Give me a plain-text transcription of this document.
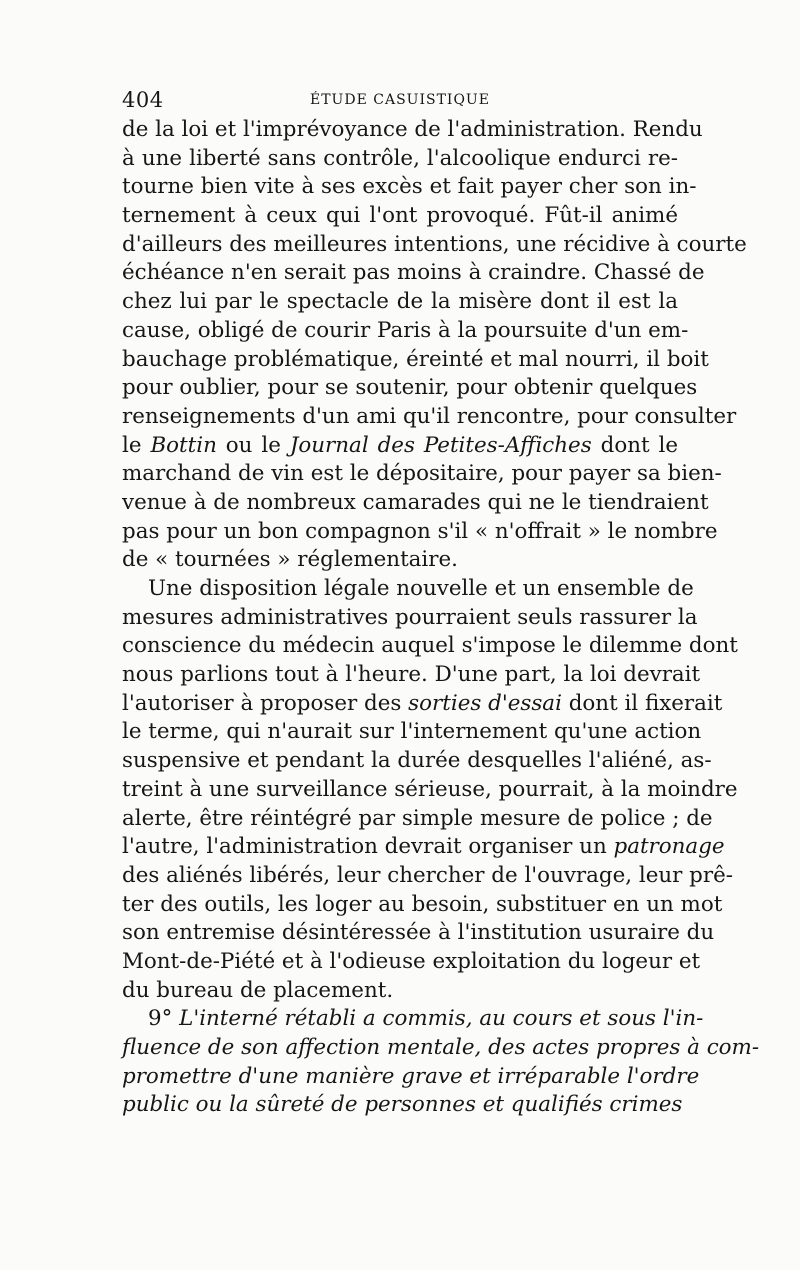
404	ÉTUDE CASUISTIQUE
de la loi et l'imprévoyance de l'administration. Rendu
à une liberté sans contrôle, l'alcoolique endurci re-
tourne bien vite à ses excès et fait payer cher son in-
ternement à ceux qui l'ont provoqué. Fût-il animé
d'ailleurs des meilleures intentions, une récidive à courte
échéance n'en serait pas moins à craindre. Chassé de
chez lui par le spectacle de la misère dont il est la
cause, obligé de courir Paris à la poursuite d'un em-
bauchage problématique, éreinté et mal nourri, il boit
pour oublier, pour se soutenir, pour obtenir quelques
renseignements d'un ami qu'il rencontre, pour consulter
le Bottin ou le Journal des Petites-Affiches dont le
marchand de vin est le dépositaire, pour payer sa bien-
venue à de nombreux camarades qui ne le tiendraient
pas pour un bon compagnon s'il « n'offrait » le nombre
de « tournées » réglementaire.
Une disposition légale nouvelle et un ensemble de
mesures administratives pourraient seuls rassurer la
conscience du médecin auquel s'impose le dilemme dont
nous parlions tout à l'heure. D'une part, la loi devrait
l'autoriser à proposer des sorties d'essai dont il fixerait
le terme, qui n'aurait sur l'internement qu'une action
suspensive et pendant la durée desquelles l'aliéné, as-
treint à une surveillance sérieuse, pourrait, à la moindre
alerte, être réintégré par simple mesure de police ; de
l'autre, l'administration devrait organiser un patronage
des aliénés libérés, leur chercher de l'ouvrage, leur prê-
ter des outils, les loger au besoin, substituer en un mot
son entremise désintéressée à l'institution usuraire du
Mont-de-Piété et à l'odieuse exploitation du logeur et
du bureau de placement.
9° L'interné rétabli a commis, au cours et sous l'in-
fluence de son affection mentale, des actes propres à com-
promettre d'une manière grave et irréparable l'ordre
public ou la sûreté de personnes et qualifiés crimes
